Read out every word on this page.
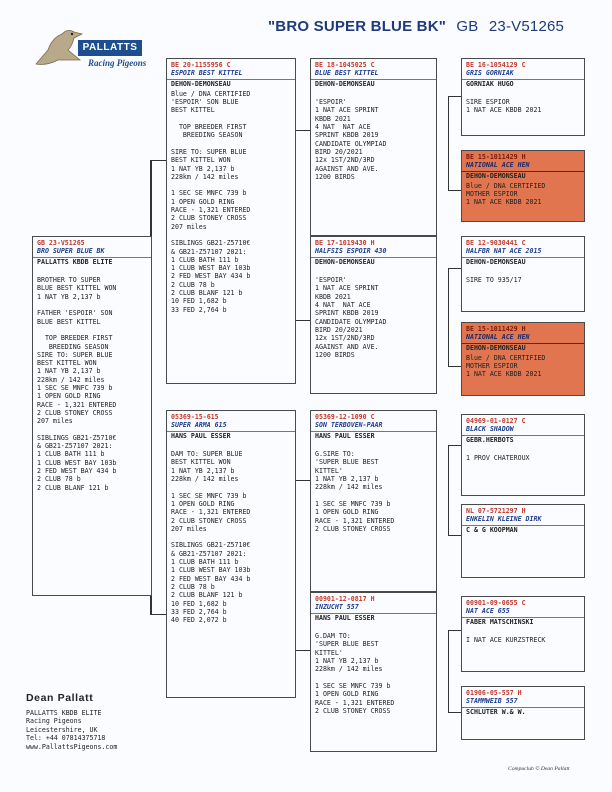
"BRO SUPER BLUE BK" GB 23-V51265
PALLATTS
Racing Pigeons
GB 23-V51265
BRO SUPER BLUE BK
PALLATTS KBDB ELITE

BROTHER TO SUPER
BLUE BEST KITTEL WON
1 NAT YB 2,137 b

FATHER 'ESPOIR' SON
BLUE BEST KITTEL

TOP BREEDER FIRST
BREEDING SEASON
SIRE TO: SUPER BLUE
BEST KITTEL WON
1 NAT YB 2,137 b
228km / 142 miles
1 SEC SE MNFC 739 b
1 OPEN GOLD RING
RACE - 1,321 ENTERED
2 CLUB STONEY CROSS
207 miles

SIBLINGS GB21-Z5710€
& GB21-Z57107 2021:
1 CLUB BATH 111 b
1 CLUB WEST BAY 103b
2 FED WEST BAY 434 b
2 CLUB 78 b
2 CLUB BLANF 121 b
BE 20-1155956 C
ESPOIR BEST KITTEL
DEHON-DEMONSEAU
Blue / DNA CERTIFIED
'ESPOIR' SON BLUE
BEST KITTEL

TOP BREEDER FIRST
BREEDING SEASON

SIRE TO: SUPER BLUE
BEST KITTEL WON
1 NAT YB 2,137 b
228km / 142 miles

1 SEC SE MNFC 739 b
1 OPEN GOLD RING
RACE - 1,321 ENTERED
2 CLUB STONEY CROSS
207 miles

SIBLINGS GB21-Z5710€
& GB21-Z57107 2021:
1 CLUB BATH 111 b
1 CLUB WEST BAY 103b
2 FED WEST BAY 434 b
2 CLUB 78 b
2 CLUB BLANF 121 b
10 FED 1,682 b
33 FED 2,764 b
05369-15-615
SUPER ARMA 615
HANS PAUL ESSER

DAM TO: SUPER BLUE
BEST KITTEL WON
1 NAT YB 2,137 b
228km / 142 miles

1 SEC SE MNFC 739 b
1 OPEN GOLD RING
RACE - 1,321 ENTERED
2 CLUB STONEY CROSS
207 miles

SIBLINGS GB21-Z5710€
& GB21-Z57107 2021:
1 CLUB BATH 111 b
1 CLUB WEST BAY 103b
2 FED WEST BAY 434 b
2 CLUB 78 b
2 CLUB BLANF 121 b
10 FED 1,682 b
33 FED 2,764 b
40 FED 2,072 b
BE 18-1045025 C
BLUE BEST KITTEL
DEHON-DEMONSEAU

'ESPOIR'
1 NAT ACE SPRINT
KBDB 2021
4 NAT  NAT ACE
SPRINT KBDB 2019
CANDIDATE OLYMPIAD
BIRD 20/2021
12x 1ST/2ND/3RD
AGAINST AND AVE.
1200 BIRDS
BE 17-1019430 H
HALFSIS ESPOIR 430
DEHON-DEMONSEAU

'ESPOIR'
1 NAT ACE SPRINT
KBDB 2021
4 NAT  NAT ACE
SPRINT KBDB 2019
CANDIDATE OLYMPIAD
BIRD 20/2021
12x 1ST/2ND/3RD
AGAINST AND AVE.
1200 BIRDS
05369-12-1090 C
SON TERBOVEN-PAAR
HANS PAUL ESSER

G.SIRE TO:
'SUPER BLUE BEST
KITTEL'
1 NAT YB 2,137 b
228km / 142 miles

1 SEC SE MNFC 739 b
1 OPEN GOLD RING
RACE - 1,321 ENTERED
2 CLUB STONEY CROSS
00901-12-0817 H
INZUCHT 557
HANS PAUL ESSER

G.DAM TO:
'SUPER BLUE BEST
KITTEL'
1 NAT YB 2,137 b
228km / 142 miles

1 SEC SE MNFC 739 b
1 OPEN GOLD RING
RACE - 1,321 ENTERED
2 CLUB STONEY CROSS
BE 16-1054129 C
GRIS GORNIAK
GORNIAK HUGO

SIRE ESPIOR
1 NAT ACE KBDB 2021
BE 15-1011429 H
NATIONAL ACE HEN
DEHON-DEMONSEAU
Blue / DNA CERTIFIED
MOTHER ESPIOR
1 NAT ACE KBDB 2021
BE 12-9030441 C
HALFBR NAT ACE 2015
DEHON-DEMONSEAU

SIRE TO 935/17
BE 15-1011429 H
NATIONAL ACE HEN
DEHON-DEMONSEAU
Blue / DNA CERTIFIED
MOTHER ESPIOR
1 NAT ACE KBDB 2021
04969-01-0127 C
BLACK SHADOW
GEBR.HERBOTS

1 PROV CHATEROUX
NL 07-5721297 H
ENKELIN KLEINE DIRK
C & G KOOPMAN
00901-09-0655 C
NAT ACE 655
FABER MATSCHINSKI

I NAT ACE KURZSTRECK
01906-05-557 H
STAMMWEIB 557
SCHLUTER W.& W.
Dean Pallatt
PALLATTS KBDB ELITE
Racing Pigeons
Leicestershire, UK
Tel: +44 07814375718
www.PallattsPigeons.com
Compuclub © Dean Pallatt
